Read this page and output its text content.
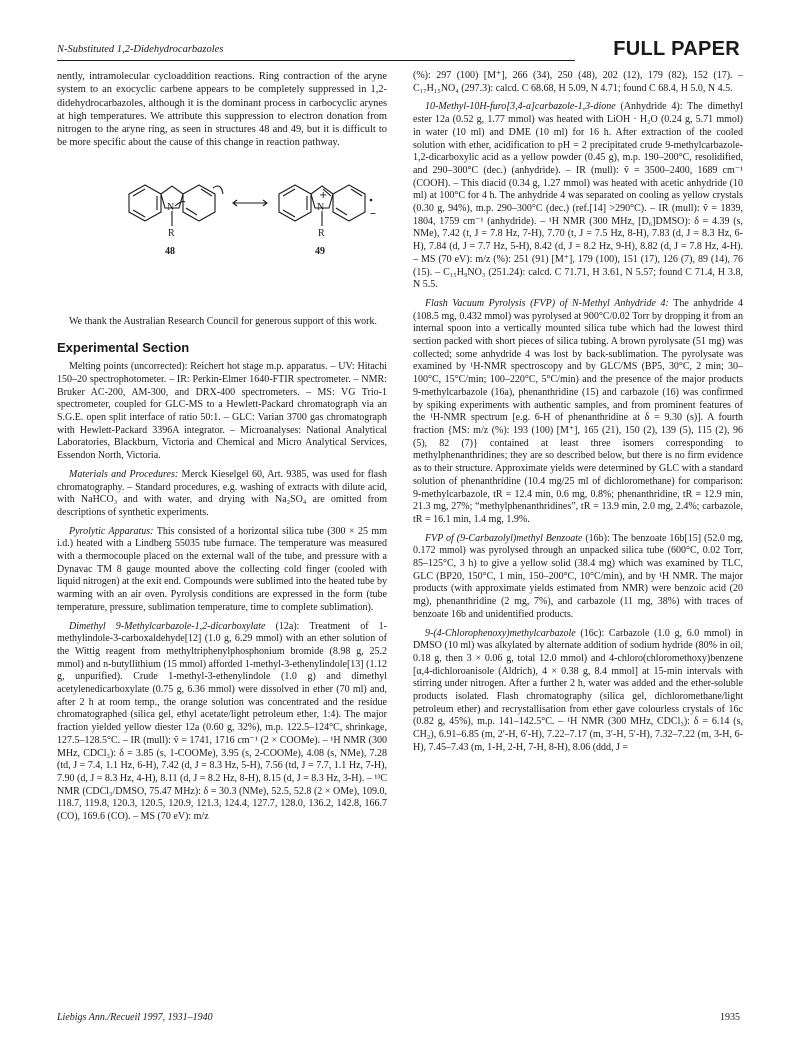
N-Substituted 1,2-Didehydrocarbazoles	FULL PAPER

nently, intramolecular cycloaddition reactions. Ring contraction of the aryne system to an exocyclic carbene appears to be completely suppressed in 1,2-didehydrocarbazoles, although it is the dominant process in carbocyclic arynes at high temperatures. We attribute this suppression to electron donation from nitrogen to the aryne ring, as seen in structures 48 and 49, but it is difficult to be more specific about the cause of this change in reaction pathway.

–
+
N	N
R	R
48	49

We thank the Australian Research Council for generous support of this work.

Experimental Section

Melting points (uncorrected): Reichert hot stage m.p. apparatus. – UV: Hitachi 150–20 spectrophotometer. – IR: Perkin-Elmer 1640-FTIR spectrometer. – NMR: Bruker AC-200, AM-300, and DRX-400 spectrometers. – MS: VG Trio-1 spectrometer, coupled for GLC-MS to a Hewlett-Packard chromatograph via an S.G.E. open split interface of ratio 50:1. – GLC: Varian 3700 gas chromatograph with Hewlett-Packard 3396A integrator. – Microanalyses: National Analytical Laboratories, Blackburn, Victoria and Chemical and Micro Analytical Services, Essendon North, Victoria.

Materials and Procedures: Merck Kieselgel 60, Art. 9385, was used for flash chromatography. – Standard procedures, e.g. washing of extracts with dilute acid, with NaHCO₃ and with water, and drying with Na₂SO₄ are omitted from descriptions of synthetic experiments.

Pyrolytic Apparatus: This consisted of a horizontal silica tube (300 × 25 mm i.d.) heated with a Lindberg 55035 tube furnace. The temperature was measured with a thermocouple placed on the external wall of the tube, and pressure with a Dynavac TM 8 gauge mounted above the collecting cold finger (cooled with liquid nitrogen) at the exit end. Compounds were sublimed into the heated tube by warming with an air oven. Pyrolysis conditions are expressed in the form (tube temperature, pressure, sublimation temperature, time to complete sublimation).

Dimethyl 9-Methylcarbazole-1,2-dicarboxylate (12a): Treatment of 1-methylindole-3-carboxaldehyde[12] (1.0 g, 6.29 mmol) with an ether solution of the Wittig reagent from methyltriphenylphosphonium bromide (8.98 g, 25.2 mmol) and n-butyllithium (15 mmol) afforded 1-methyl-3-ethenylindole[13] (1.12 g, unpurified). Crude 1-methyl-3-ethenylindole (1.0 g) and dimethyl acetylenedicarboxylate (0.75 g, 6.36 mmol) were dissolved in ether (70 ml) and, after 2 h at room temp., the orange solution was concentrated and the residue chromatographed (silica gel, ethyl acetate/light petroleum ether, 1:4). The major fraction yielded yellow diester 12a (0.60 g, 32%), m.p. 122.5–124°C, shrinkage, 127.5–128.5°C. – IR (mull): ṽ = 1741, 1716 cm⁻¹ (2 × COOMe). – ¹H NMR (300 MHz, CDCl₃): δ = 3.85 (s, 1-COOMe), 3.95 (s, 2-COOMe), 4.08 (s, NMe), 7.28 (td, J = 7.4, 1.1 Hz, 6-H), 7.42 (d, J = 8.3 Hz, 5-H), 7.56 (td, J = 7.7, 1.1 Hz, 7-H), 7.90 (d, J = 8.3 Hz, 4-H), 8.11 (d, J = 8.2 Hz, 8-H), 8.15 (d, J = 8.3 Hz, 3-H). – ¹³C NMR (CDCl₃/DMSO, 75.47 MHz): δ = 30.3 (NMe), 52.5, 52.8 (2 × OMe), 109.0, 118.7, 119.8, 120.3, 120.5, 120.9, 121.3, 124.4, 127.7, 128.0, 136.2, 142.8, 166.7 (CO), 169.6 (CO). – MS (70 eV): m/z

(%): 297 (100) [M⁺], 266 (34), 250 (48), 202 (12), 179 (82), 152 (17). – C₁₇H₁₅NO₄ (297.3): calcd. C 68.68, H 5.09, N 4.71; found C 68.4, H 5.0, N 4.5.

10-Methyl-10H-furo[3,4-a]carbazole-1,3-dione (Anhydride 4): The dimethyl ester 12a (0.52 g, 1.77 mmol) was heated with LiOH · H₂O (0.24 g, 5.71 mmol) in water (10 ml) and DME (10 ml) for 16 h. After extraction of the cooled solution with ether, acidification to pH = 2 precipitated crude 9-methylcarbazole-1,2-dicarboxylic acid as a yellow powder (0.45 g), m.p. 190–200°C, resolidified, and 290–300°C (dec.) (anhydride). – IR (mull): ṽ = 3500–2400, 1689 cm⁻¹ (COOH). – This diacid (0.34 g, 1.27 mmol) was heated with acetic anhydride (10 ml) at 100°C for 4 h. The anhydride 4 was separated on cooling as yellow crystals (0.30 g, 94%), m.p. 290–300°C (dec.) (ref.[14] >290°C). – IR (mull): ṽ = 1839, 1804, 1759 cm⁻¹ (anhydride). – ¹H NMR (300 MHz, [D₆]DMSO): δ = 4.39 (s, NMe), 7.42 (t, J = 7.8 Hz, 7-H), 7.70 (t, J = 7.5 Hz, 8-H), 7.83 (d, J = 8.3 Hz, 6-H), 7.84 (d, J = 7.7 Hz, 5-H), 8.42 (d, J = 8.2 Hz, 9-H), 8.82 (d, J = 7.8 Hz, 4-H). – MS (70 eV): m/z (%): 251 (91) [M⁺], 179 (100), 151 (17), 126 (7), 89 (14), 76 (15). – C₁₅H₉NO₃ (251.24): calcd. C 71.71, H 3.61, N 5.57; found C 71.4, H 3.8, N 5.5.

Flash Vacuum Pyrolysis (FVP) of N-Methyl Anhydride 4: The anhydride 4 (108.5 mg, 0.432 mmol) was pyrolysed at 900°C/0.02 Torr by dropping it from an internal spoon into a vertically mounted silica tube which had the lowest third section packed with short pieces of silica tubing. A brown pyrolysate (51 mg) was collected; some anhydride 4 was lost by back-sublimation. The pyrolysate was examined by ¹H-NMR spectroscopy and by GLC/MS (BP5, 30°C, 2 min; 30–100°C, 15°C/min; 100–220°C, 5°C/min) and the presence of the major products 9-methylcarbazole (16a), phenanthridine (15) and carbazole (16) was confirmed by spiking experiments with authentic samples, and from prominent features of the ¹H-NMR spectrum [e.g. 6-H of phenanthridine at δ = 9.30 (s)]. A fourth fraction {MS: m/z (%): 193 (100) [M⁺], 165 (21), 150 (2), 139 (5), 115 (2), 96 (5), 82 (7)} contained at least three isomers corresponding to methylphenanthridines; they are so described below, but there is no firm evidence as to their structure. Approximate yields were determined by GLC with a standard solution of phenanthridine (10.4 mg/25 ml of dichloromethane) for comparison: 9-methylcarbazole, tR = 12.4 min, 0.6 mg, 0.8%; phenanthridine, tR = 12.9 min, 21.3 mg, 27%; “methylphenanthridines”, tR = 13.9 min, 2.0 mg, 2.4%; carbazole, tR = 16.1 min, 1.4 mg, 1.9%.

FVP of (9-Carbazolyl)methyl Benzoate (16b): The benzoate 16b[15] (52.0 mg, 0.172 mmol) was pyrolysed through an unpacked silica tube (600°C, 0.02 Torr, 85–125°C, 3 h) to give a yellow solid (38.4 mg) which was examined by TLC, GLC (BP20, 150°C, 1 min, 150–200°C, 10°C/min), and by ¹H NMR. The major products (with approximate yields estimated from NMR) were benzoic acid (20 mg), phenanthridine (2 mg, 7%), and carbazole (11 mg, 38%) with traces of benzoate 16b and unidentified products.

9-(4-Chlorophenoxy)methylcarbazole (16c): Carbazole (1.0 g, 6.0 mmol) in DMSO (10 ml) was alkylated by alternate addition of sodium hydride (80% in oil, 0.18 g, then 3 × 0.06 g, total 12.0 mmol) and 4-chloro(chloromethoxy)benzene [α,4-dichloroanisole (Aldrich), 4 × 0.38 g, 8.4 mmol] at 15-min intervals with stirring under nitrogen. After a further 2 h, water was added and the ether-soluble products isolated. Flash chromatography (silica gel, dichloromethane/light petroleum ether) and recrystallisation from ether gave colourless crystals of 16c (0.82 g, 45%), m.p. 141–142.5°C. – ¹H NMR (300 MHz, CDCl₃): δ = 6.14 (s, CH₂), 6.91–6.85 (m, 2′-H, 6′-H), 7.22–7.17 (m, 3′-H, 5′-H), 7.32–7.22 (m, 3-H, 6-H), 7.45–7.43 (m, 1-H, 2-H, 7-H, 8-H), 8.06 (ddd, J =

Liebigs Ann./Recueil 1997, 1931–1940	1935
